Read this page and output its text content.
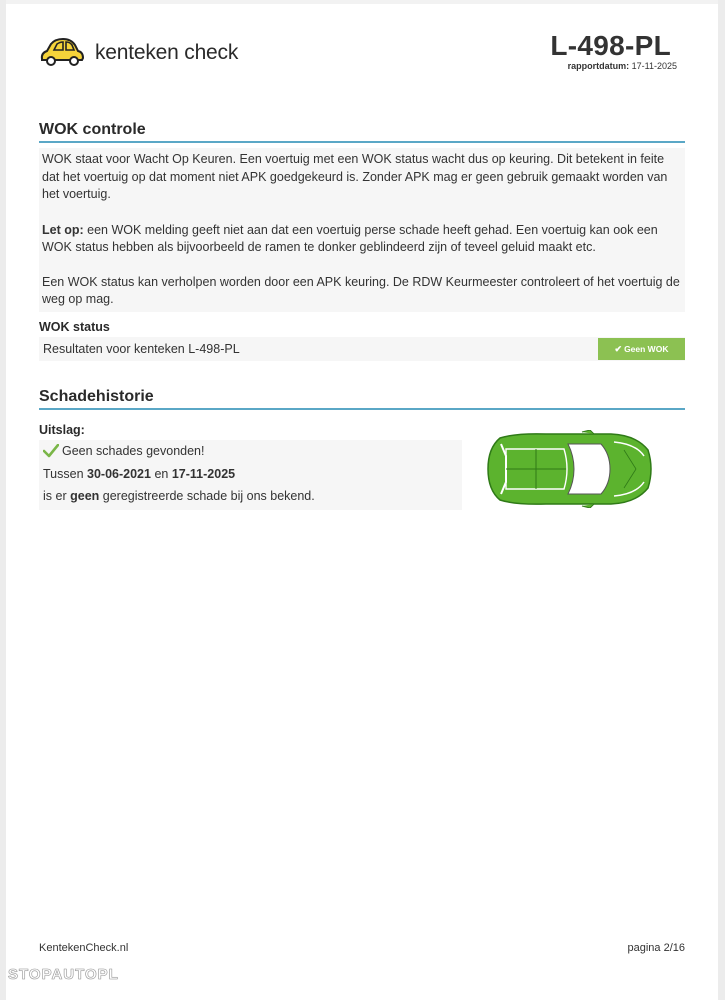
kenteken check	L-498-PL
rapportdatum: 17-11-2025
WOK controle

WOK staat voor Wacht Op Keuren. Een voertuig met een WOK status wacht dus op keuring. Dit betekent in feite dat het voertuig op dat moment niet APK goedgekeurd is. Zonder APK mag er geen gebruik gemaakt worden van het voertuig.

Let op: een WOK melding geeft niet aan dat een voertuig perse schade heeft gehad. Een voertuig kan ook een WOK status hebben als bijvoorbeeld de ramen te donker geblindeerd zijn of teveel geluid maakt etc.

Een WOK status kan verholpen worden door een APK keuring. De RDW Keurmeester controleert of het voertuig de weg op mag.

WOK status
Resultaten voor kenteken L-498-PL	✔ Geen WOK
Schadehistorie
Uitslag:
Geen schades gevonden!
Tussen 30-06-2021 en 17-11-2025
is er geen geregistreerde schade bij ons bekend.
KentekenCheck.nl	pagina 2/16
STOPAUTOPL
